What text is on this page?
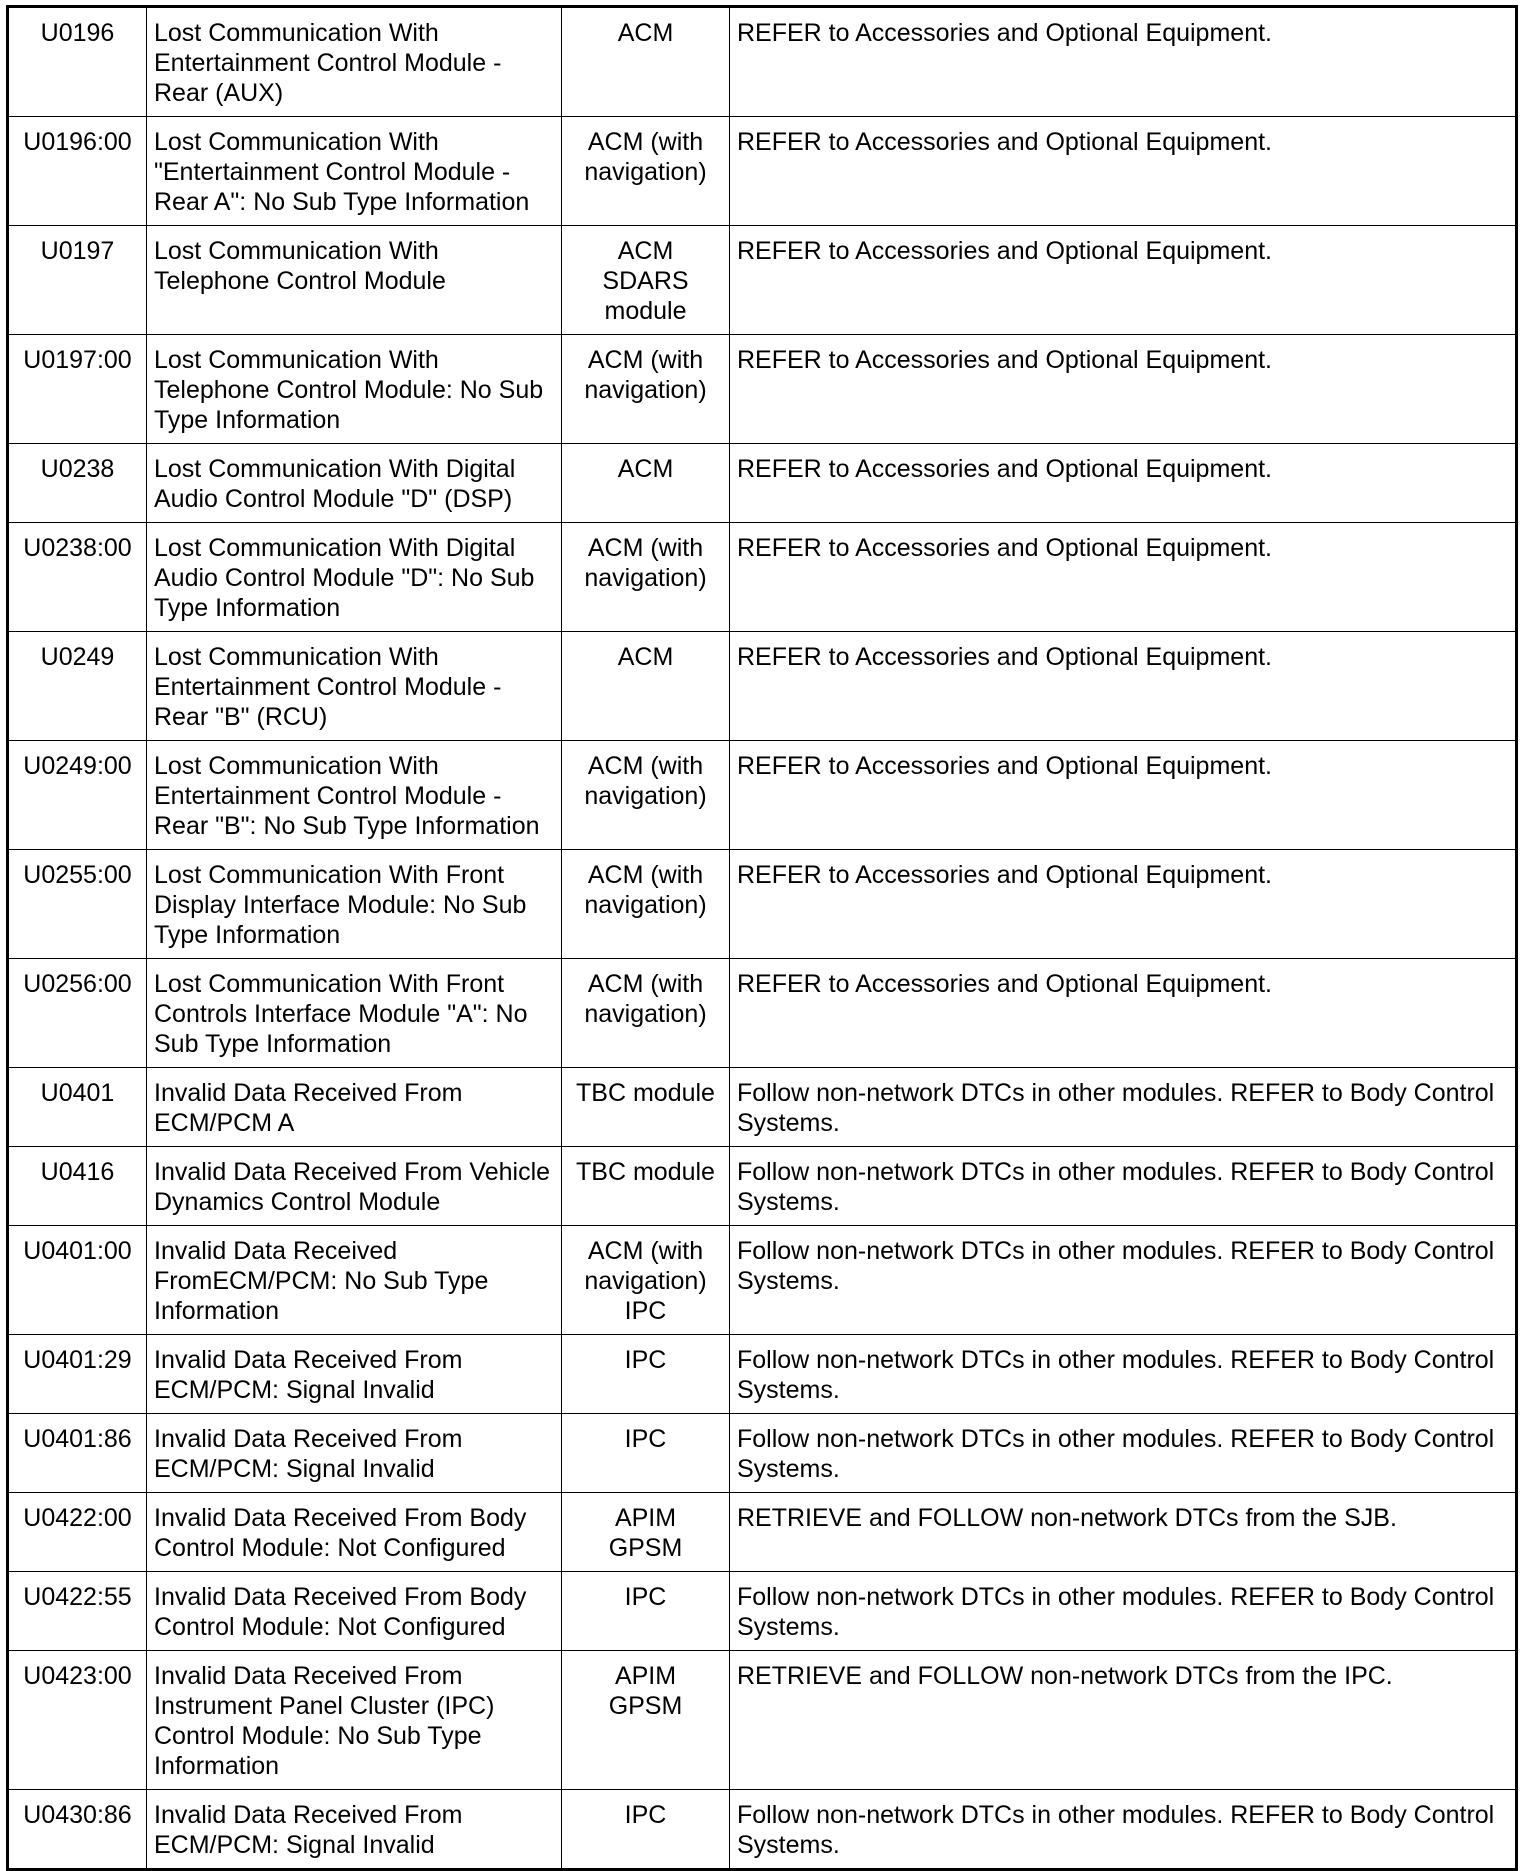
U0196	Lost Communication With Entertainment Control Module - Rear (AUX)	ACM	REFER to Accessories and Optional Equipment.
U0196:00	Lost Communication With "Entertainment Control Module - Rear A": No Sub Type Information	ACM (with
navigation)	REFER to Accessories and Optional Equipment.
U0197	Lost Communication With Telephone Control Module	ACM
SDARS
module	REFER to Accessories and Optional Equipment.
U0197:00	Lost Communication With Telephone Control Module: No Sub Type Information	ACM (with
navigation)	REFER to Accessories and Optional Equipment.
U0238	Lost Communication With Digital Audio Control Module "D" (DSP)	ACM	REFER to Accessories and Optional Equipment.
U0238:00	Lost Communication With Digital Audio Control Module "D": No Sub Type Information	ACM (with
navigation)	REFER to Accessories and Optional Equipment.
U0249	Lost Communication With Entertainment Control Module - Rear "B" (RCU)	ACM	REFER to Accessories and Optional Equipment.
U0249:00	Lost Communication With Entertainment Control Module - Rear "B": No Sub Type Information	ACM (with
navigation)	REFER to Accessories and Optional Equipment.
U0255:00	Lost Communication With Front Display Interface Module: No Sub Type Information	ACM (with
navigation)	REFER to Accessories and Optional Equipment.
U0256:00	Lost Communication With Front Controls Interface Module "A": No Sub Type Information	ACM (with
navigation)	REFER to Accessories and Optional Equipment.
U0401	Invalid Data Received From ECM/PCM A	TBC module	Follow non-network DTCs in other modules. REFER to Body Control Systems.
U0416	Invalid Data Received From Vehicle Dynamics Control Module	TBC module	Follow non-network DTCs in other modules. REFER to Body Control Systems.
U0401:00	Invalid Data Received FromECM/PCM: No Sub Type Information	ACM (with
navigation)
IPC	Follow non-network DTCs in other modules. REFER to Body Control Systems.
U0401:29	Invalid Data Received From ECM/PCM: Signal Invalid	IPC	Follow non-network DTCs in other modules. REFER to Body Control Systems.
U0401:86	Invalid Data Received From ECM/PCM: Signal Invalid	IPC	Follow non-network DTCs in other modules. REFER to Body Control Systems.
U0422:00	Invalid Data Received From Body Control Module: Not Configured	APIM
GPSM	RETRIEVE and FOLLOW non-network DTCs from the SJB.
U0422:55	Invalid Data Received From Body Control Module: Not Configured	IPC	Follow non-network DTCs in other modules. REFER to Body Control Systems.
U0423:00	Invalid Data Received From Instrument Panel Cluster (IPC) Control Module: No Sub Type Information	APIM
GPSM	RETRIEVE and FOLLOW non-network DTCs from the IPC.
U0430:86	Invalid Data Received From ECM/PCM: Signal Invalid	IPC	Follow non-network DTCs in other modules. REFER to Body Control Systems.
